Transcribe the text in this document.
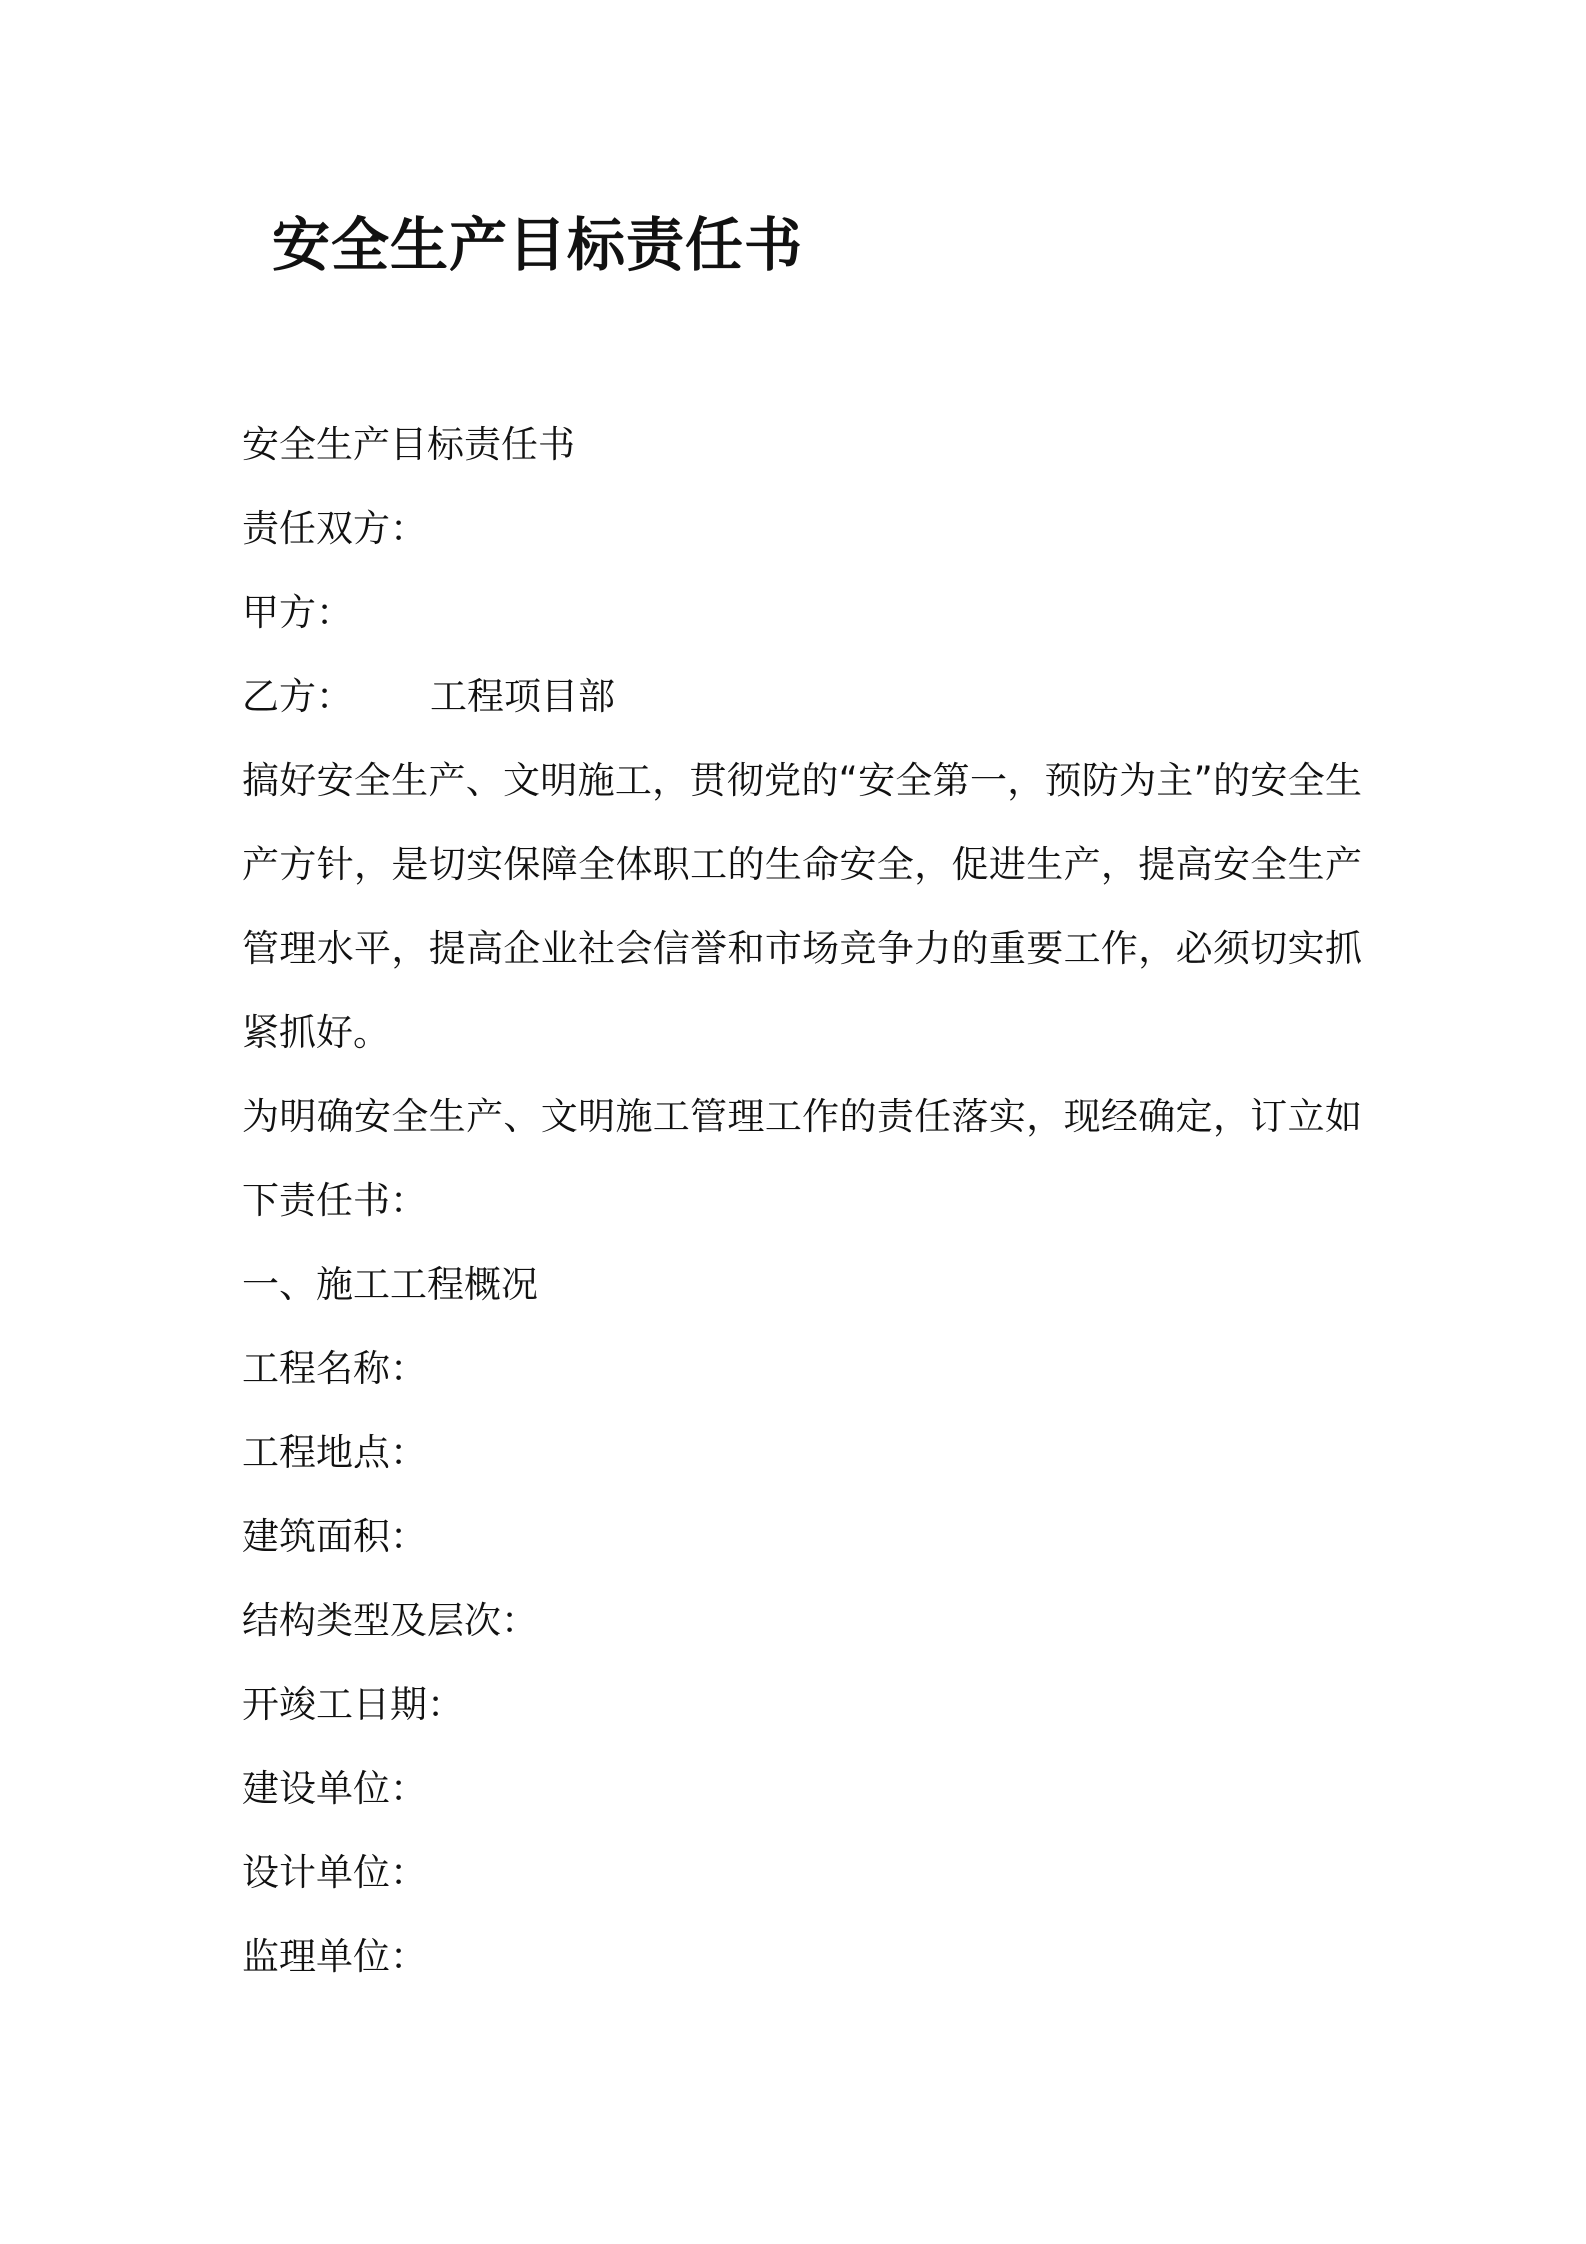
安全生产目标责任书
安全生产目标责任书
责任双方：
甲方：
乙方： 工程项目部
搞好安全生产、文明施工，贯彻党的“安全第一，预防为主”的安全生产方针，是切实保障全体职工的生命安全，促进生产，提高安全生产管理水平，提高企业社会信誉和市场竞争力的重要工作，必须切实抓紧抓好。
为明确安全生产、文明施工管理工作的责任落实，现经确定，订立如下责任书：
一、施工工程概况
工程名称：
工程地点：
建筑面积：
结构类型及层次：
开竣工日期：
建设单位：
设计单位：
监理单位：
